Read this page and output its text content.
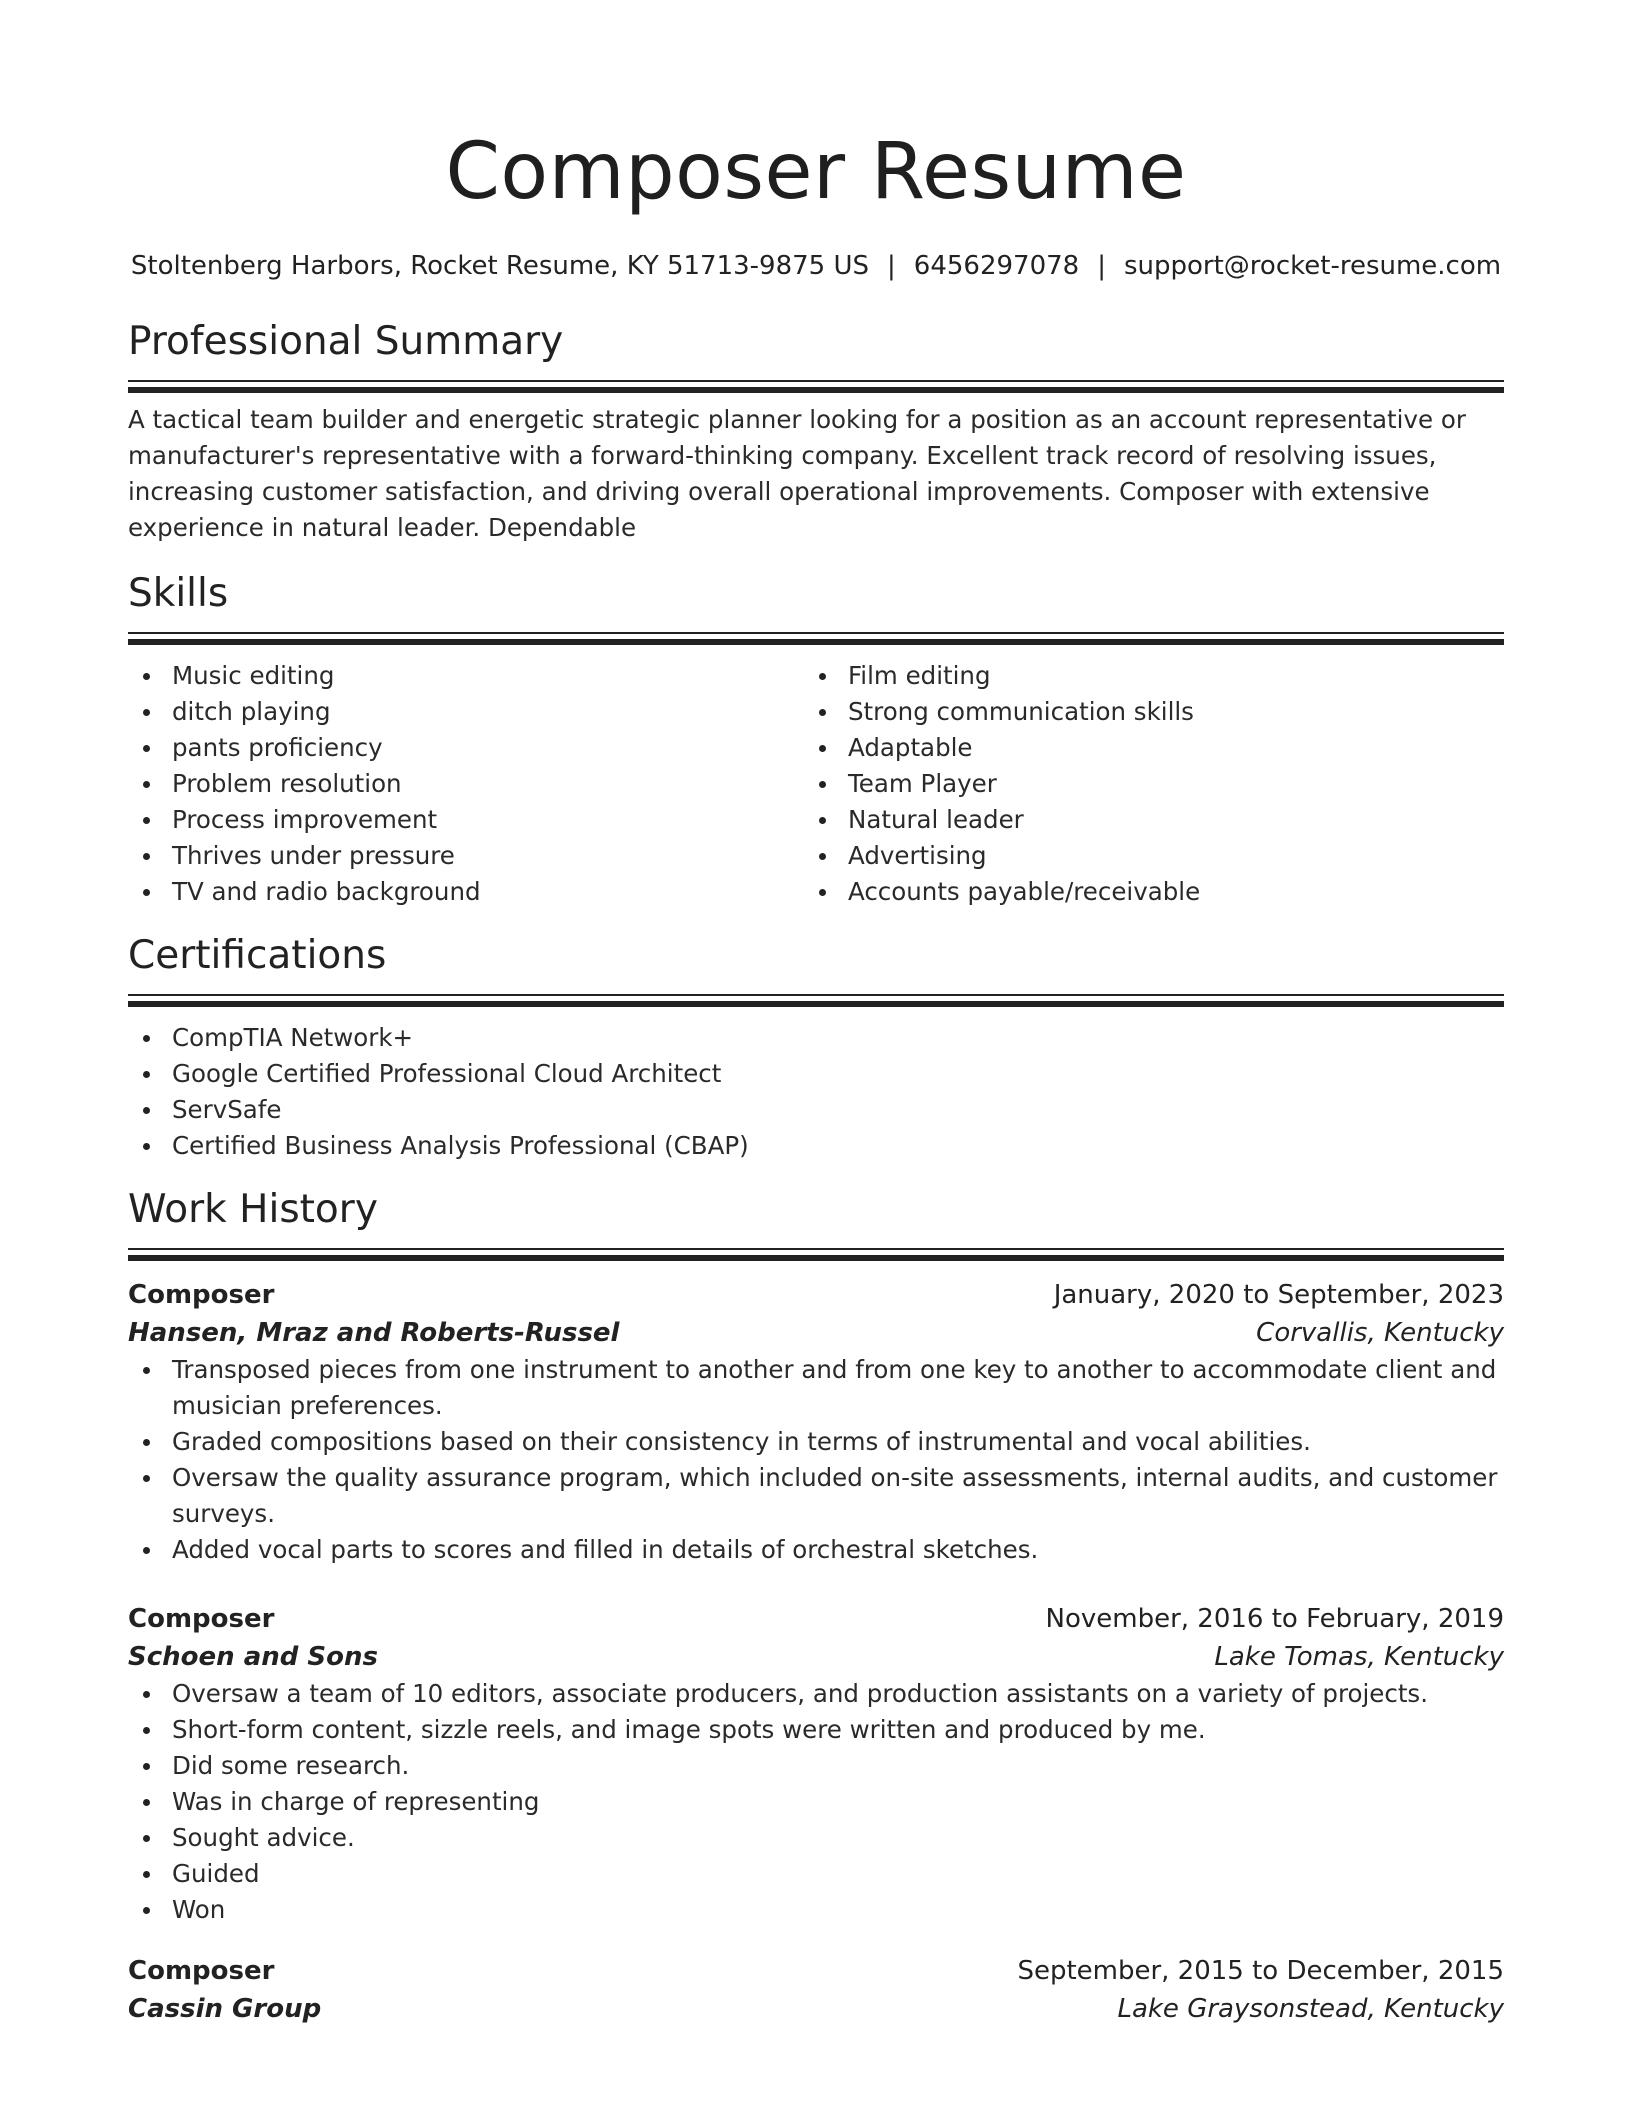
Composer Resume
Stoltenberg Harbors, Rocket Resume, KY 51713-9875 US | 6456297078 | support@rocket-resume.com
Professional Summary

A tactical team builder and energetic strategic planner looking for a position as an account representative or manufacturer's representative with a forward-thinking company. Excellent track record of resolving issues, increasing customer satisfaction, and driving overall operational improvements. Composer with extensive experience in natural leader. Dependable

Skills
Music editing
ditch playing
pants proficiency
Problem resolution
Process improvement
Thrives under pressure
TV and radio background
Film editing
Strong communication skills
Adaptable
Team Player
Natural leader
Advertising
Accounts payable/receivable
Certifications
CompTIA Network+
Google Certified Professional Cloud Architect
ServSafe
Certified Business Analysis Professional (CBAP)
Work History
Composer	January, 2020 to September, 2023
Hansen, Mraz and Roberts-Russel	Corvallis, Kentucky
Transposed pieces from one instrument to another and from one key to another to accommodate client and musician preferences.
Graded compositions based on their consistency in terms of instrumental and vocal abilities.
Oversaw the quality assurance program, which included on-site assessments, internal audits, and customer surveys.
Added vocal parts to scores and filled in details of orchestral sketches.
Composer	November, 2016 to February, 2019
Schoen and Sons	Lake Tomas, Kentucky
Oversaw a team of 10 editors, associate producers, and production assistants on a variety of projects.
Short-form content, sizzle reels, and image spots were written and produced by me.
Did some research.
Was in charge of representing
Sought advice.
Guided
Won
Composer	September, 2015 to December, 2015
Cassin Group	Lake Graysonstead, Kentucky
